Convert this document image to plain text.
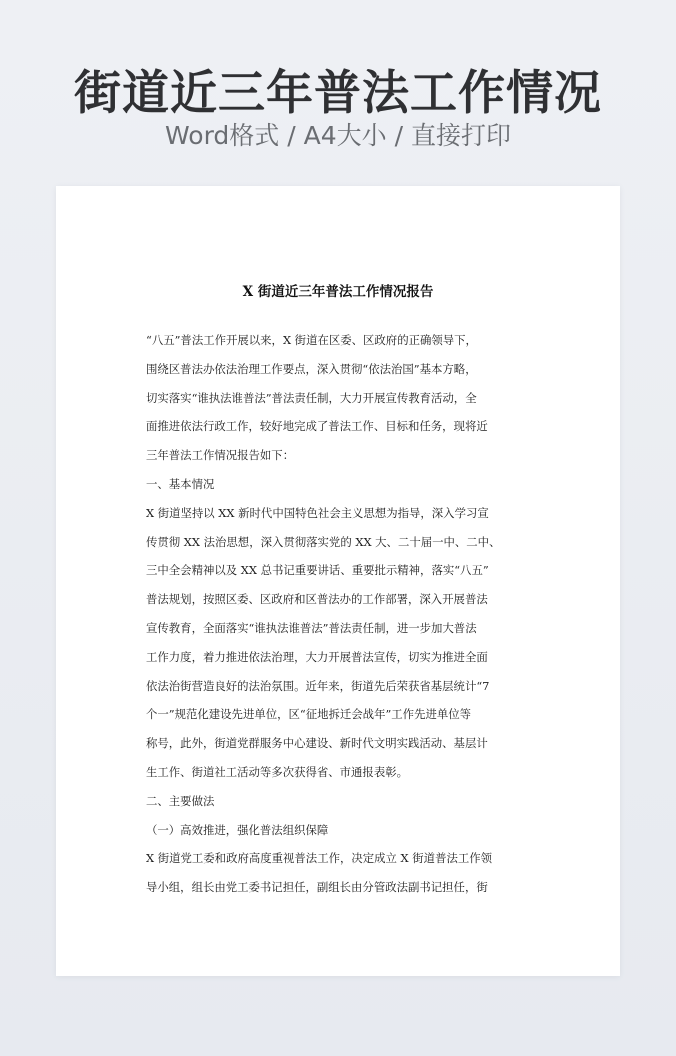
街道近三年普法工作情况
Word格式 / A4大小 / 直接打印
X 街道近三年普法工作情况报告
“八五”普法工作开展以来，X 街道在区委、区政府的正确领导下，
围绕区普法办依法治理工作要点，深入贯彻“依法治国”基本方略，
切实落实“谁执法谁普法”普法责任制，大力开展宣传教育活动，全
面推进依法行政工作，较好地完成了普法工作、目标和任务，现将近
三年普法工作情况报告如下：
一、基本情况
X 街道坚持以 XX 新时代中国特色社会主义思想为指导，深入学习宣
传贯彻 XX 法治思想，深入贯彻落实党的 XX 大、二十届一中、二中、
三中全会精神以及 XX 总书记重要讲话、重要批示精神，落实“八五”
普法规划，按照区委、区政府和区普法办的工作部署，深入开展普法
宣传教育，全面落实“谁执法谁普法”普法责任制，进一步加大普法
工作力度，着力推进依法治理，大力开展普法宣传，切实为推进全面
依法治街营造良好的法治氛围。近年来，街道先后荣获省基层统计“7
个一”规范化建设先进单位，区“征地拆迁会战年”工作先进单位等
称号，此外，街道党群服务中心建设、新时代文明实践活动、基层计
生工作、街道社工活动等多次获得省、市通报表彰。
二、主要做法
（一）高效推进，强化普法组织保障
X 街道党工委和政府高度重视普法工作，决定成立 X 街道普法工作领
导小组，组长由党工委书记担任，副组长由分管政法副书记担任，街
